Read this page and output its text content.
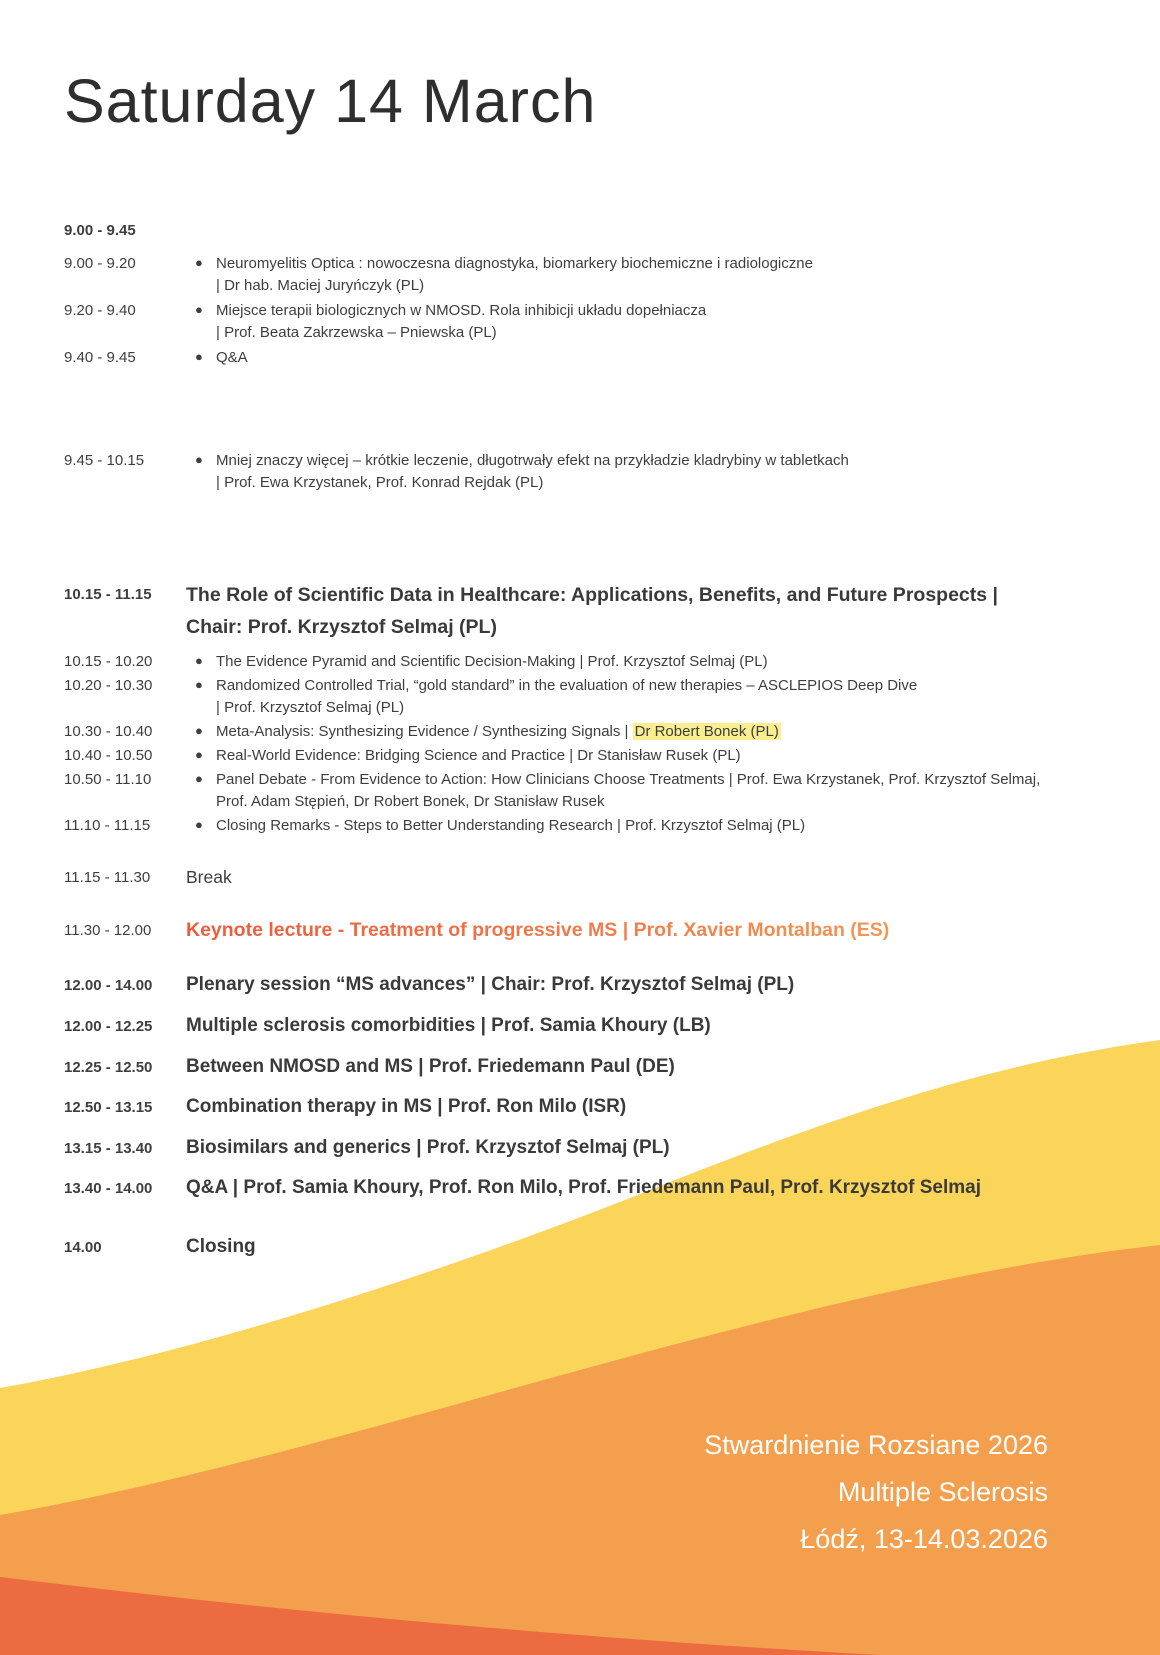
Saturday 14 March
9.00 - 9.45
9.00 - 9.20	● Neuromyelitis Optica : nowoczesna diagnostyka, biomarkery biochemiczne i radiologiczne
| Dr hab. Maciej Juryńczyk (PL)
9.20 - 9.40	● Miejsce terapii biologicznych w NMOSD. Rola inhibicji układu dopełniacza
| Prof. Beata Zakrzewska – Pniewska (PL)
9.40 - 9.45	● Q&A
9.45 - 10.15	● Mniej znaczy więcej – krótkie leczenie, długotrwały efekt na przykładzie kladrybiny w tabletkach
| Prof. Ewa Krzystanek, Prof. Konrad Rejdak (PL)
10.15 - 11.15	The Role of Scientific Data in Healthcare: Applications, Benefits, and Future Prospects | Chair: Prof. Krzysztof Selmaj (PL)
10.15 - 10.20	● The Evidence Pyramid and Scientific Decision-Making | Prof. Krzysztof Selmaj (PL)
10.20 - 10.30	● Randomized Controlled Trial, “gold standard” in the evaluation of new therapies – ASCLEPIOS Deep Dive
| Prof. Krzysztof Selmaj (PL)
10.30 - 10.40	● Meta-Analysis: Synthesizing Evidence / Synthesizing Signals | Dr Robert Bonek (PL)
10.40 - 10.50	● Real-World Evidence: Bridging Science and Practice | Dr Stanisław Rusek (PL)
10.50 - 11.10	● Panel Debate - From Evidence to Action: How Clinicians Choose Treatments | Prof. Ewa Krzystanek, Prof. Krzysztof Selmaj, Prof. Adam Stępień, Dr Robert Bonek, Dr Stanisław Rusek
11.10 - 11.15	● Closing Remarks - Steps to Better Understanding Research | Prof. Krzysztof Selmaj (PL)
11.15 - 11.30	Break
11.30 - 12.00	Keynote lecture - Treatment of progressive MS | Prof. Xavier Montalban (ES)
12.00 - 14.00	Plenary session “MS advances” | Chair: Prof. Krzysztof Selmaj (PL)
12.00 - 12.25	Multiple sclerosis comorbidities | Prof. Samia Khoury (LB)
12.25 - 12.50	Between NMOSD and MS | Prof. Friedemann Paul (DE)
12.50 - 13.15	Combination therapy in MS | Prof. Ron Milo (ISR)
13.15 - 13.40	Biosimilars and generics | Prof. Krzysztof Selmaj (PL)
13.40 - 14.00	Q&A | Prof. Samia Khoury, Prof. Ron Milo, Prof. Friedemann Paul, Prof. Krzysztof Selmaj
14.00	Closing
Stwardnienie Rozsiane 2026
Multiple Sclerosis
Łódź, 13-14.03.2026
